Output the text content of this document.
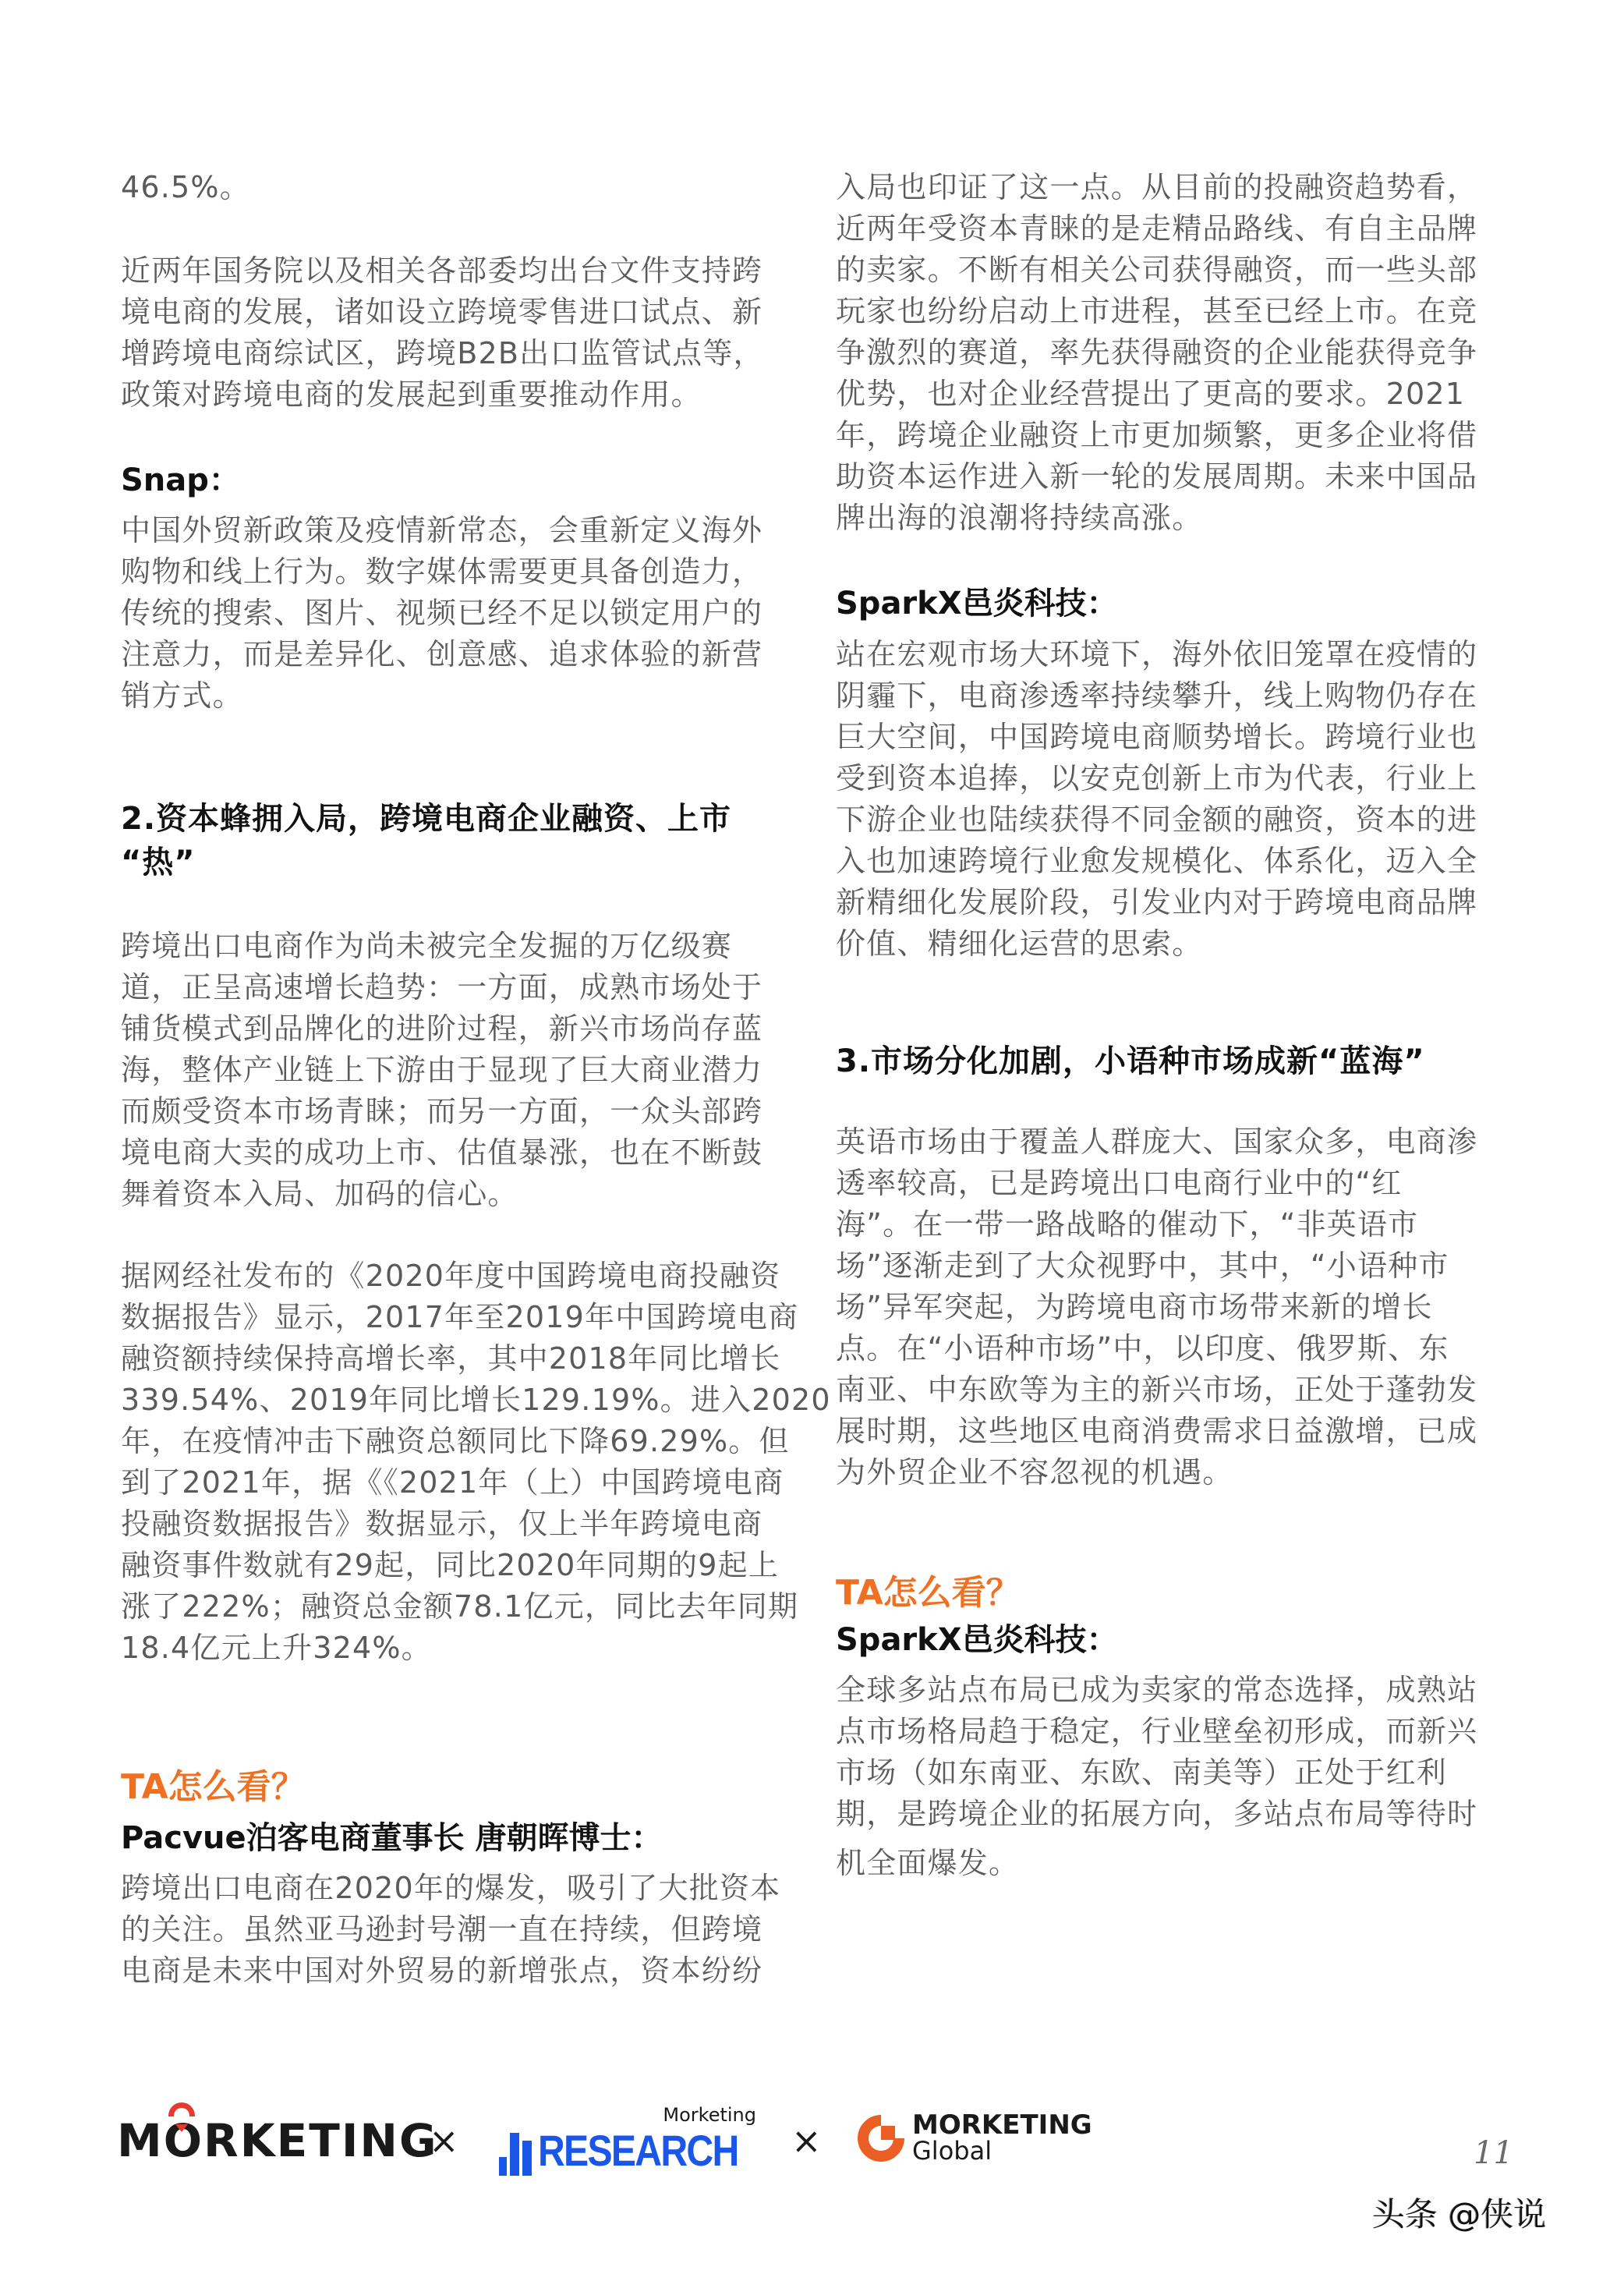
46.5%。
近两年国务院以及相关各部委均出台文件支持跨
境电商的发展，诸如设立跨境零售进口试点、新
增跨境电商综试区，跨境B2B出口监管试点等，
政策对跨境电商的发展起到重要推动作用。
Snap：
中国外贸新政策及疫情新常态，会重新定义海外
购物和线上行为。数字媒体需要更具备创造力，
传统的搜索、图片、视频已经不足以锁定用户的
注意力，而是差异化、创意感、追求体验的新营
销方式。
2.资本蜂拥入局，跨境电商企业融资、上市
“热”
跨境出口电商作为尚未被完全发掘的万亿级赛
道，正呈高速增长趋势：一方面，成熟市场处于
铺货模式到品牌化的进阶过程，新兴市场尚存蓝
海，整体产业链上下游由于显现了巨大商业潜力
而颇受资本市场青睐；而另一方面，一众头部跨
境电商大卖的成功上市、估值暴涨，也在不断鼓
舞着资本入局、加码的信心。
据网经社发布的《2020年度中国跨境电商投融资
数据报告》显示，2017年至2019年中国跨境电商
融资额持续保持高增长率，其中2018年同比增长
339.54%、2019年同比增长129.19%。进入2020
年，在疫情冲击下融资总额同比下降69.29%。但
到了2021年，据《《2021年（上）中国跨境电商
投融资数据报告》数据显示，仅上半年跨境电商
融资事件数就有29起，同比2020年同期的9起上
涨了222%；融资总金额78.1亿元，同比去年同期
18.4亿元上升324%。
TA怎么看？
Pacvue泊客电商董事长 唐朝晖博士：
跨境出口电商在2020年的爆发，吸引了大批资本
的关注。虽然亚马逊封号潮一直在持续，但跨境
电商是未来中国对外贸易的新增张点，资本纷纷
入局也印证了这一点。从目前的投融资趋势看，
近两年受资本青睐的是走精品路线、有自主品牌
的卖家。不断有相关公司获得融资，而一些头部
玩家也纷纷启动上市进程，甚至已经上市。在竞
争激烈的赛道，率先获得融资的企业能获得竞争
优势，也对企业经营提出了更高的要求。2021
年，跨境企业融资上市更加频繁，更多企业将借
助资本运作进入新一轮的发展周期。未来中国品
牌出海的浪潮将持续高涨。
SparkX邑炎科技：
站在宏观市场大环境下，海外依旧笼罩在疫情的
阴霾下，电商渗透率持续攀升，线上购物仍存在
巨大空间，中国跨境电商顺势增长。跨境行业也
受到资本追捧，以安克创新上市为代表，行业上
下游企业也陆续获得不同金额的融资，资本的进
入也加速跨境行业愈发规模化、体系化，迈入全
新精细化发展阶段，引发业内对于跨境电商品牌
价值、精细化运营的思索。
3.市场分化加剧，小语种市场成新“蓝海”
英语市场由于覆盖人群庞大、国家众多，电商渗
透率较高，已是跨境出口电商行业中的“红
海”。在一带一路战略的催动下，“非英语市
场”逐渐走到了大众视野中，其中，“小语种市
场”异军突起，为跨境电商市场带来新的增长
点。在“小语种市场”中，以印度、俄罗斯、东
南亚、中东欧等为主的新兴市场，正处于蓬勃发
展时期，这些地区电商消费需求日益激增，已成
为外贸企业不容忽视的机遇。
TA怎么看？
SparkX邑炎科技：
全球多站点布局已成为卖家的常态选择，成熟站
点市场格局趋于稳定，行业壁垒初形成，而新兴
市场（如东南亚、东欧、南美等）正处于红利
期，是跨境企业的拓展方向，多站点布局等待时
机全面爆发。
M
ORKETING
×
Morketing
RESEARCH ×	MORKETING
Global	11
头条 @侠说
